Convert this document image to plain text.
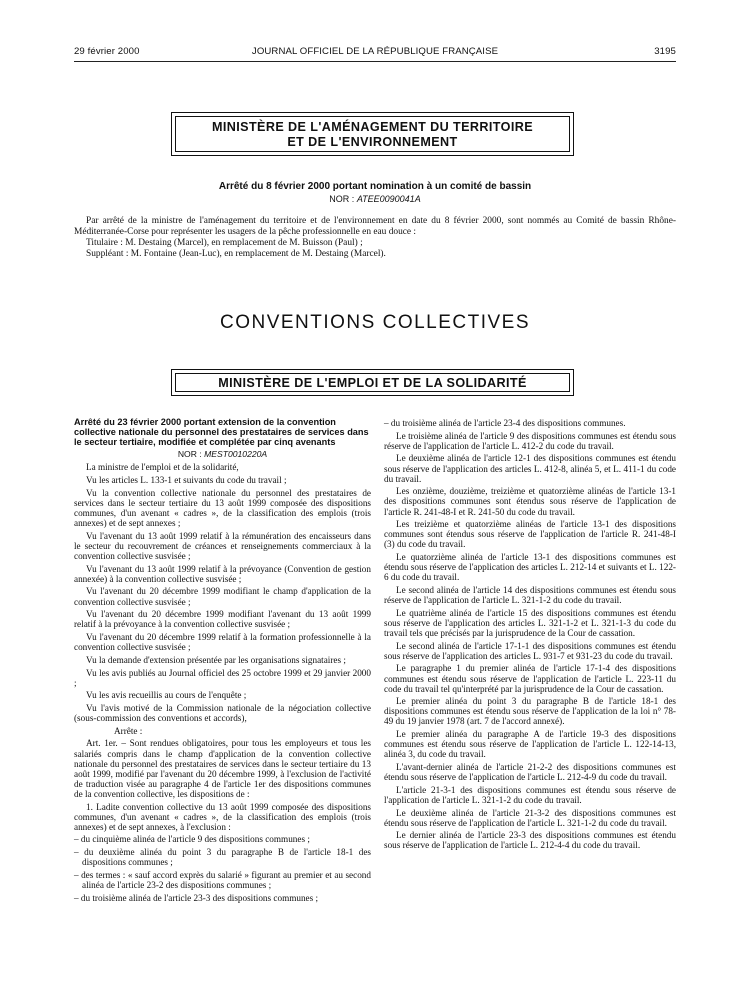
29 février 2000	JOURNAL OFFICIEL DE LA RÉPUBLIQUE FRANÇAISE	3195
MINISTÈRE DE L'AMÉNAGEMENT DU TERRITOIRE
ET DE L'ENVIRONNEMENT
Arrêté du 8 février 2000 portant nomination à un comité de bassin
NOR : ATEE0090041A
Par arrêté de la ministre de l'aménagement du territoire et de l'environnement en date du 8 février 2000, sont nommés au Comité de bassin Rhône-Méditerranée-Corse pour représenter les usagers de la pêche professionnelle en eau douce :
Titulaire : M. Destaing (Marcel), en remplacement de M. Buisson (Paul) ;
Suppléant : M. Fontaine (Jean-Luc), en remplacement de M. Destaing (Marcel).
CONVENTIONS COLLECTIVES
MINISTÈRE DE L'EMPLOI ET DE LA SOLIDARITÉ
Arrêté du 23 février 2000 portant extension de la convention collective nationale du personnel des prestataires de services dans le secteur tertiaire, modifiée et complétée par cinq avenants
NOR : MEST0010220A

La ministre de l'emploi et de la solidarité,

Vu les articles L. 133-1 et suivants du code du travail ;

Vu la convention collective nationale du personnel des prestataires de services dans le secteur tertiaire du 13 août 1999 composée des dispositions communes, d'un avenant « cadres », de la classification des emplois (trois annexes) et de sept annexes ;

Vu l'avenant du 13 août 1999 relatif à la rémunération des encaisseurs dans le secteur du recouvrement de créances et renseignements commerciaux à la convention collective susvisée ;

Vu l'avenant du 13 août 1999 relatif à la prévoyance (Convention de gestion annexée) à la convention collective susvisée ;

Vu l'avenant du 20 décembre 1999 modifiant le champ d'application de la convention collective susvisée ;

Vu l'avenant du 20 décembre 1999 modifiant l'avenant du 13 août 1999 relatif à la prévoyance à la convention collective susvisée ;

Vu l'avenant du 20 décembre 1999 relatif à la formation professionnelle à la convention collective susvisée ;

Vu la demande d'extension présentée par les organisations signataires ;

Vu les avis publiés au Journal officiel des 25 octobre 1999 et 29 janvier 2000 ;

Vu les avis recueillis au cours de l'enquête ;

Vu l'avis motivé de la Commission nationale de la négociation collective (sous-commission des conventions et accords),

Arrête :

Art. 1er. – Sont rendues obligatoires, pour tous les employeurs et tous les salariés compris dans le champ d'application de la convention collective nationale du personnel des prestataires de services dans le secteur tertiaire du 13 août 1999, modifié par l'avenant du 20 décembre 1999, à l'exclusion de l'activité de traduction visée au paragraphe 4 de l'article 1er des dispositions communes de la convention collective, les dispositions de :

1. Ladite convention collective du 13 août 1999 composée des dispositions communes, d'un avenant « cadres », de la classification des emplois (trois annexes) et de sept annexes, à l'exclusion :

– du cinquième alinéa de l'article 9 des dispositions communes ;

– du deuxième alinéa du point 3 du paragraphe B de l'article 18-1 des dispositions communes ;

– des termes : « sauf accord exprès du salarié » figurant au premier et au second alinéa de l'article 23-2 des dispositions communes ;

– du troisième alinéa de l'article 23-3 des dispositions communes ;

– du troisième alinéa de l'article 23-4 des dispositions communes.

Le troisième alinéa de l'article 9 des dispositions communes est étendu sous réserve de l'application de l'article L. 412-2 du code du travail.

Le deuxième alinéa de l'article 12-1 des dispositions communes est étendu sous réserve de l'application des articles L. 412-8, alinéa 5, et L. 411-1 du code du travail.

Les onzième, douzième, treizième et quatorzième alinéas de l'article 13-1 des dispositions communes sont étendus sous réserve de l'application de l'article R. 241-48-I et R. 241-50 du code du travail.

Les treizième et quatorzième alinéas de l'article 13-1 des dispositions communes sont étendus sous réserve de l'application de l'article R. 241-48-I (3) du code du travail.

Le quatorzième alinéa de l'article 13-1 des dispositions communes est étendu sous réserve de l'application des articles L. 212-14 et suivants et L. 122-6 du code du travail.

Le second alinéa de l'article 14 des dispositions communes est étendu sous réserve de l'application de l'article L. 321-1-2 du code du travail.

Le quatrième alinéa de l'article 15 des dispositions communes est étendu sous réserve de l'application des articles L. 321-1-2 et L. 321-1-3 du code du travail tels que précisés par la jurisprudence de la Cour de cassation.

Le second alinéa de l'article 17-1-1 des dispositions communes est étendu sous réserve de l'application des articles L. 931-7 et 931-23 du code du travail.

Le paragraphe 1 du premier alinéa de l'article 17-1-4 des dispositions communes est étendu sous réserve de l'application de l'article L. 223-11 du code du travail tel qu'interprété par la jurisprudence de la Cour de cassation.

Le premier alinéa du point 3 du paragraphe B de l'article 18-1 des dispositions communes est étendu sous réserve de l'application de la loi n° 78-49 du 19 janvier 1978 (art. 7 de l'accord annexé).

Le premier alinéa du paragraphe A de l'article 19-3 des dispositions communes est étendu sous réserve de l'application de l'article L. 122-14-13, alinéa 3, du code du travail.

L'avant-dernier alinéa de l'article 21-2-2 des dispositions communes est étendu sous réserve de l'application de l'article L. 212-4-9 du code du travail.

L'article 21-3-1 des dispositions communes est étendu sous réserve de l'application de l'article L. 321-1-2 du code du travail.

Le deuxième alinéa de l'article 21-3-2 des dispositions communes est étendu sous réserve de l'application de l'article L. 321-1-2 du code du travail.

Le dernier alinéa de l'article 23-3 des dispositions communes est étendu sous réserve de l'application de l'article L. 212-4-4 du code du travail.
